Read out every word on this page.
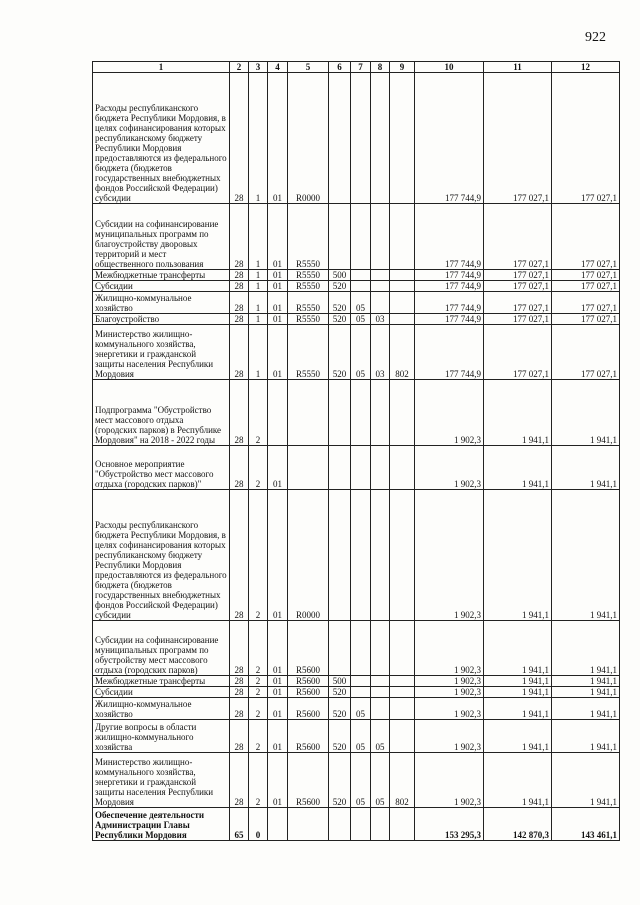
922
1	2	3	4	5	6	7	8	9	10	11	12
Расходы республиканского бюджета Республики Мордовия, в целях софинансирования которых республиканскому бюджету Республики Мордовия предоставляются из федерального бюджета (бюджетов государственных внебюджетных фондов Российской Федерации) субсидии	28	1	01	R0000					177 744,9	177 027,1	177 027,1
Субсидии на софинансирование муниципальных программ по благоустройству дворовых территорий и мест общественного пользования	28	1	01	R5550					177 744,9	177 027,1	177 027,1
Межбюджетные трансферты	28	1	01	R5550	500				177 744,9	177 027,1	177 027,1
Субсидии	28	1	01	R5550	520				177 744,9	177 027,1	177 027,1
Жилищно-коммунальное хозяйство	28	1	01	R5550	520	05			177 744,9	177 027,1	177 027,1
Благоустройство	28	1	01	R5550	520	05	03		177 744,9	177 027,1	177 027,1
Министерство жилищно-коммунального хозяйства, энергетики и гражданской защиты населения Республики Мордовия	28	1	01	R5550	520	05	03	802	177 744,9	177 027,1	177 027,1
Подпрограмма "Обустройство мест массового отдыха (городских парков) в Республике Мордовия" на 2018 - 2022 годы	28	2							1 902,3	1 941,1	1 941,1
Основное мероприятие "Обустройство мест массового отдыха (городских парков)"	28	2	01						1 902,3	1 941,1	1 941,1
Расходы республиканского бюджета Республики Мордовия, в целях софинансирования которых республиканскому бюджету Республики Мордовия предоставляются из федерального бюджета (бюджетов государственных внебюджетных фондов Российской Федерации) субсидии	28	2	01	R0000					1 902,3	1 941,1	1 941,1
Субсидии на софинансирование муниципальных программ по обустройству мест массового отдыха (городских парков)	28	2	01	R5600					1 902,3	1 941,1	1 941,1
Межбюджетные трансферты	28	2	01	R5600	500				1 902,3	1 941,1	1 941,1
Субсидии	28	2	01	R5600	520				1 902,3	1 941,1	1 941,1
Жилищно-коммунальное хозяйство	28	2	01	R5600	520	05			1 902,3	1 941,1	1 941,1
Другие вопросы в области жилищно-коммунального хозяйства	28	2	01	R5600	520	05	05		1 902,3	1 941,1	1 941,1
Министерство жилищно-коммунального хозяйства, энергетики и гражданской защиты населения Республики Мордовия	28	2	01	R5600	520	05	05	802	1 902,3	1 941,1	1 941,1
Обеспечение деятельности Администрации Главы Республики Мордовия	65	0							153 295,3	142 870,3	143 461,1
